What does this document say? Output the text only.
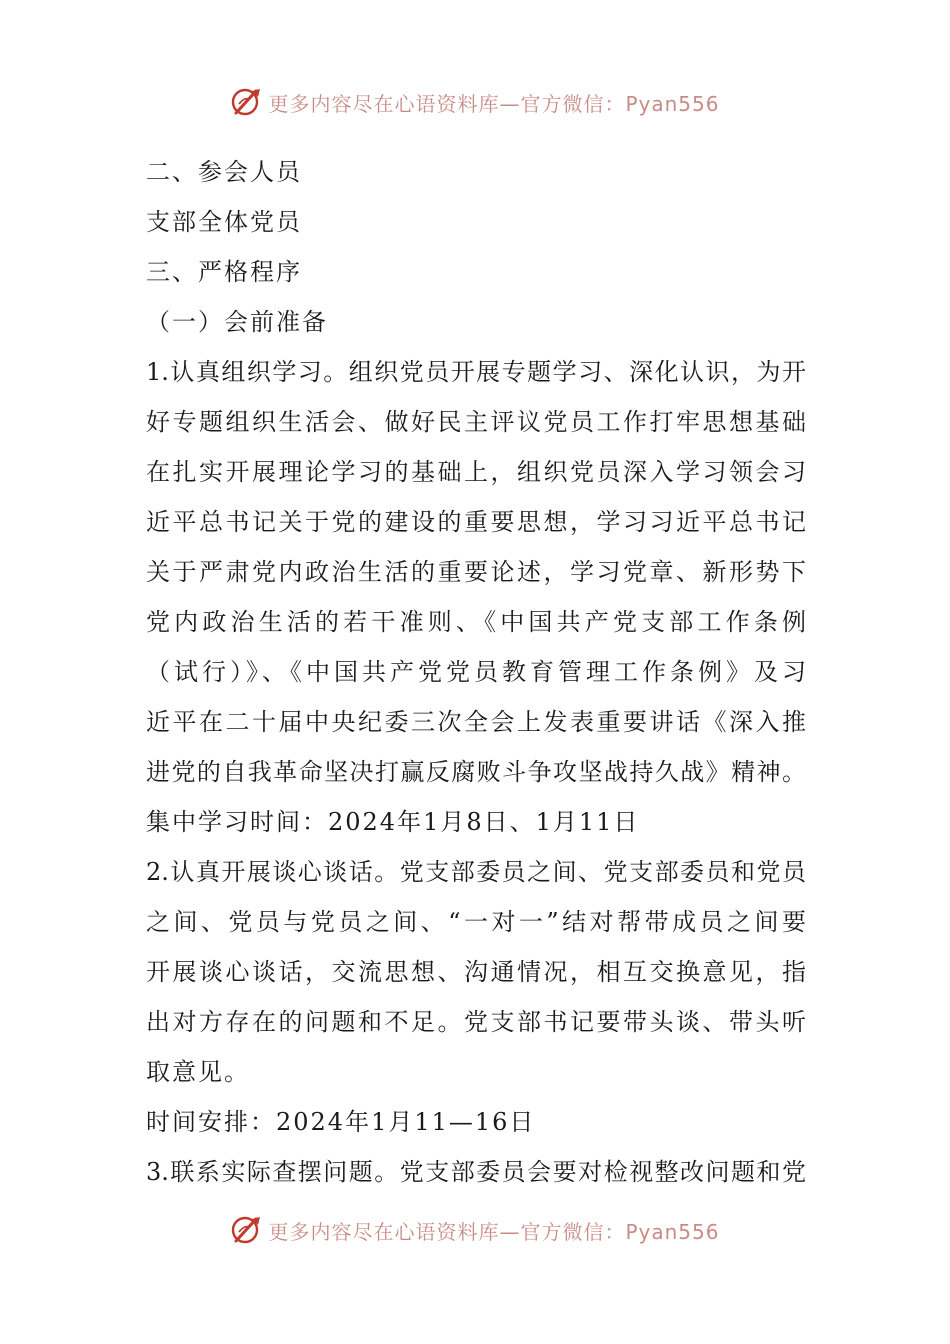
更多内容尽在心语资料库—官方微信：Pyan556
二、参会人员
支部全体党员
三、严格程序
（一）会前准备
1.认真组织学习。组织党员开展专题学习、深化认识，为开
好专题组织生活会、做好民主评议党员工作打牢思想基础
在扎实开展理论学习的基础上，组织党员深入学习领会习
近平总书记关于党的建设的重要思想，学习习近平总书记
关于严肃党内政治生活的重要论述，学习党章、新形势下
党内政治生活的若干准则、《中国共产党支部工作条例
（试行）》、《中国共产党党员教育管理工作条例》及习
近平在二十届中央纪委三次全会上发表重要讲话《深入推
进党的自我革命坚决打赢反腐败斗争攻坚战持久战》精神。
集中学习时间：2024年1月8日、1月11日
2.认真开展谈心谈话。党支部委员之间、党支部委员和党员
之间、党员与党员之间、“一对一”结对帮带成员之间要
开展谈心谈话，交流思想、沟通情况，相互交换意见，指
出对方存在的问题和不足。党支部书记要带头谈、带头听
取意见。
时间安排：2024年1月11—16日
3.联系实际查摆问题。党支部委员会要对检视整改问题和党
更多内容尽在心语资料库—官方微信：Pyan556
